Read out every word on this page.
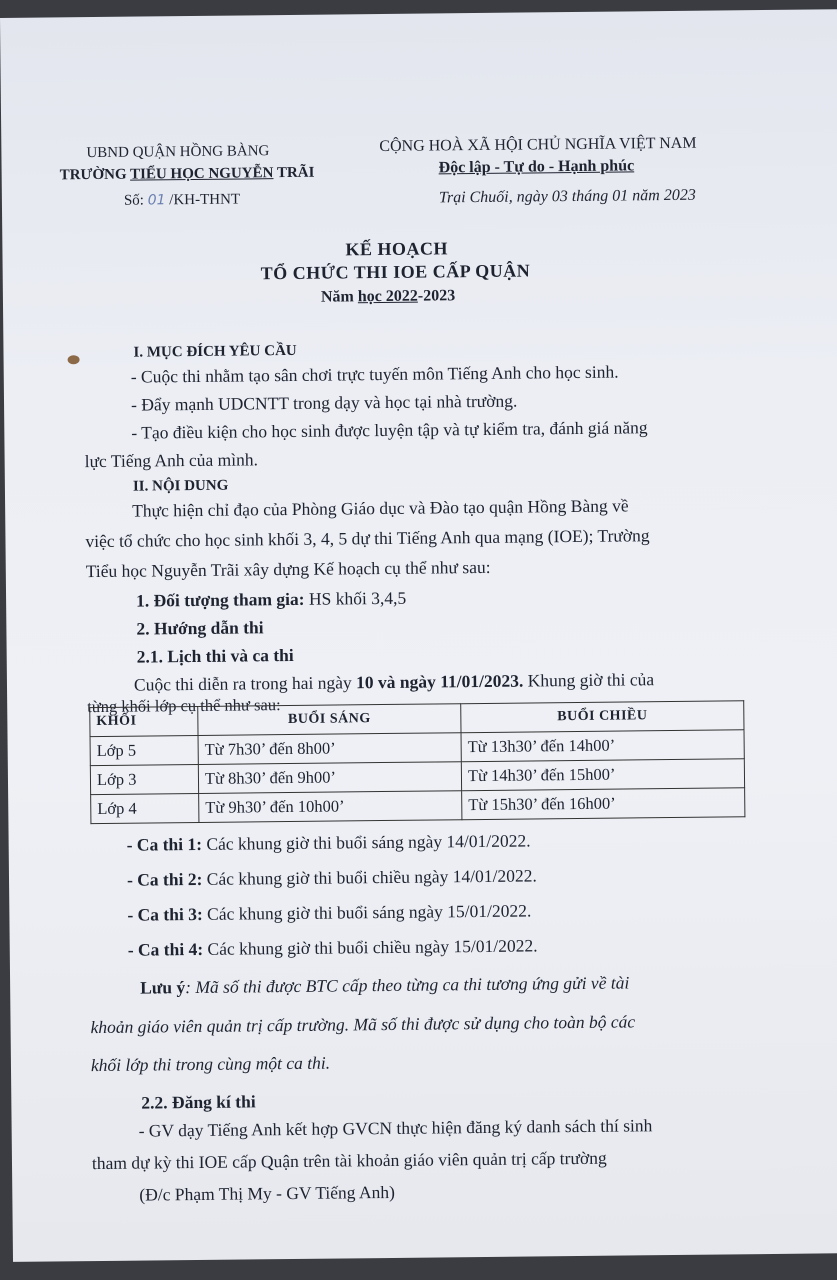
UBND QUẬN HỒNG BÀNG
TRƯỜNG TIỂU HỌC NGUYỄN TRÃI
Số: 01 /KH-THNT
CỘNG HOÀ XÃ HỘI CHỦ NGHĨA VIỆT NAM
Độc lập - Tự do - Hạnh phúc
Trại Chuối, ngày 03 tháng 01 năm 2023
KẾ HOẠCH
TỔ CHỨC THI IOE CẤP QUẬN
Năm học 2022-2023
I. MỤC ĐÍCH YÊU CẦU
- Cuộc thi nhằm tạo sân chơi trực tuyến môn Tiếng Anh cho học sinh.
- Đẩy mạnh UDCNTT trong dạy và học tại nhà trường.
- Tạo điều kiện cho học sinh được luyện tập và tự kiểm tra, đánh giá năng
lực Tiếng Anh của mình.
II. NỘI DUNG
Thực hiện chỉ đạo của Phòng Giáo dục và Đào tạo quận Hồng Bàng về
việc tổ chức cho học sinh khối 3, 4, 5 dự thi Tiếng Anh qua mạng (IOE); Trường
Tiểu học Nguyễn Trãi xây dựng Kế hoạch cụ thể như sau:
1. Đối tượng tham gia: HS khối 3,4,5
2. Hướng dẫn thi
2.1. Lịch thi và ca thi
Cuộc thi diễn ra trong hai ngày 10 và ngày 11/01/2023. Khung giờ thi của
từng khối lớp cụ thể như sau:
KHỐI	BUỔI SÁNG	BUỔI CHIỀU
Lớp 5	Từ 7h30’ đến 8h00’	Từ 13h30’ đến 14h00’
Lớp 3	Từ 8h30’ đến 9h00’	Từ 14h30’ đến 15h00’
Lớp 4	Từ 9h30’ đến 10h00’	Từ 15h30’ đến 16h00’
- Ca thi 1: Các khung giờ thi buổi sáng ngày 14/01/2022.
- Ca thi 2: Các khung giờ thi buổi chiều ngày 14/01/2022.
- Ca thi 3: Các khung giờ thi buổi sáng ngày 15/01/2022.
- Ca thi 4: Các khung giờ thi buổi chiều ngày 15/01/2022.
Lưu ý: Mã số thi được BTC cấp theo từng ca thi tương ứng gửi về tài
khoản giáo viên quản trị cấp trường. Mã số thi được sử dụng cho toàn bộ các
khối lớp thi trong cùng một ca thi.
2.2. Đăng kí thi
- GV dạy Tiếng Anh kết hợp GVCN thực hiện đăng ký danh sách thí sinh
tham dự kỳ thi IOE cấp Quận trên tài khoản giáo viên quản trị cấp trường
(Đ/c Phạm Thị My - GV Tiếng Anh)
